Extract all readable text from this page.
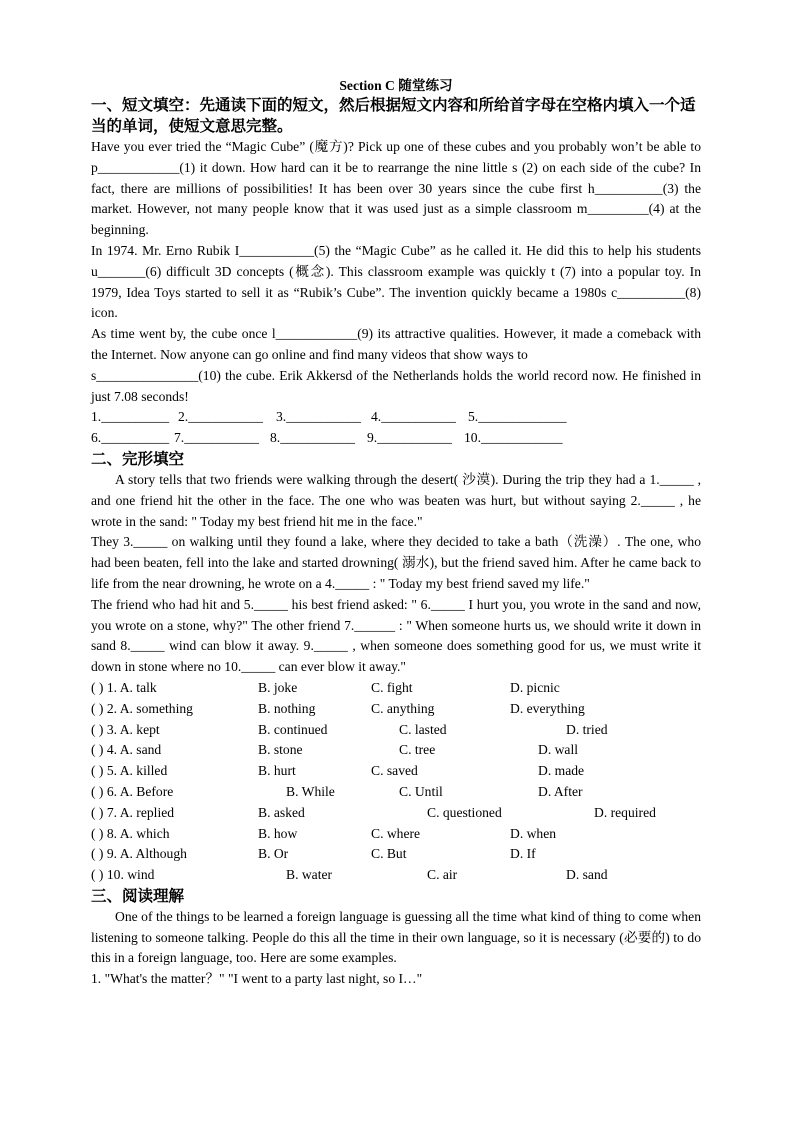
Section C 随堂练习
一、短文填空：先通读下面的短文，然后根据短文内容和所给首字母在空格内填入一个适当的单词，使短文意思完整。
Have you ever tried the “Magic Cube” (魔方)? Pick up one of these cubes and you probably won’t be able to p____________(1) it down. How hard can it be to rearrange the nine little s (2) on each side of the cube? In fact, there are millions of possibilities! It has been over 30 years since the cube first h__________(3) the market. However, not many people know that it was used just as a simple classroom m_________(4) at the beginning.
In 1974. Mr. Erno Rubik I___________(5) the “Magic Cube” as he called it. He did this to help his students u_______(6) difficult 3D concepts (概念). This classroom example was quickly t (7) into a popular toy. In 1979, Idea Toys started to sell it as “Rubik’s Cube”. The invention quickly became a 1980s c__________(8) icon.
As time went by, the cube once l____________(9) its attractive qualities. However, it made a comeback with the Internet. Now anyone can go online and find many videos that show ways to
s_______________(10) the cube. Erik Akkersd of the Netherlands holds the world record now. He finished in just 7.08 seconds!
1.__________ 2.___________ 3.___________ 4.___________ 5._____________
6.__________ 7.___________ 8.___________ 9.___________ 10.____________
二、完形填空
A story tells that two friends were walking through the desert( 沙漠). During the trip they had a 1._____ , and one friend hit the other in the face. The one who was beaten was hurt, but without saying 2._____ , he wrote in the sand: " Today my best friend hit me in the face."
They 3._____ on walking until they found a lake, where they decided to take a bath（洗澡）. The one, who had been beaten, fell into the lake and started drowning( 溺水), but the friend saved him. After he came back to life from the near drowning, he wrote on a 4._____ : " Today my best friend saved my life."
The friend who had hit and 5._____ his best friend asked: " 6._____ I hurt you, you wrote in the sand and now, you wrote on a stone, why?" The other friend 7.______ : " When someone hurts us, we should write it down in sand 8._____ wind can blow it away. 9._____ , when someone does something good for us, we must write it down in stone where no 10._____ can ever blow it away."
( ) 1. A. talk	B. joke	C. fight	D. picnic
( ) 2. A. something	B. nothing	C. anything	D. everything
( ) 3. A. kept	B. continued	C. lasted	D. tried
( ) 4. A. sand	B. stone	C. tree	D. wall
( ) 5. A. killed	B. hurt	C. saved	D. made
( ) 6. A. Before	B. While	C. Until	D. After
( ) 7. A. replied	B. asked	C. questioned	D. required
( ) 8. A. which	B. how	C. where	D. when
( ) 9. A. Although	B. Or	C. But	D. If
( ) 10. wind	B. water	C. air	D. sand
三、阅读理解
One of the things to be learned a foreign language is guessing all the time what kind of thing to come when listening to someone talking. People do this all the time in their own language, so it is necessary (必要的) to do this in a foreign language, too. Here are some examples.
1. "What's the matter？" "I went to a party last night, so I…"
